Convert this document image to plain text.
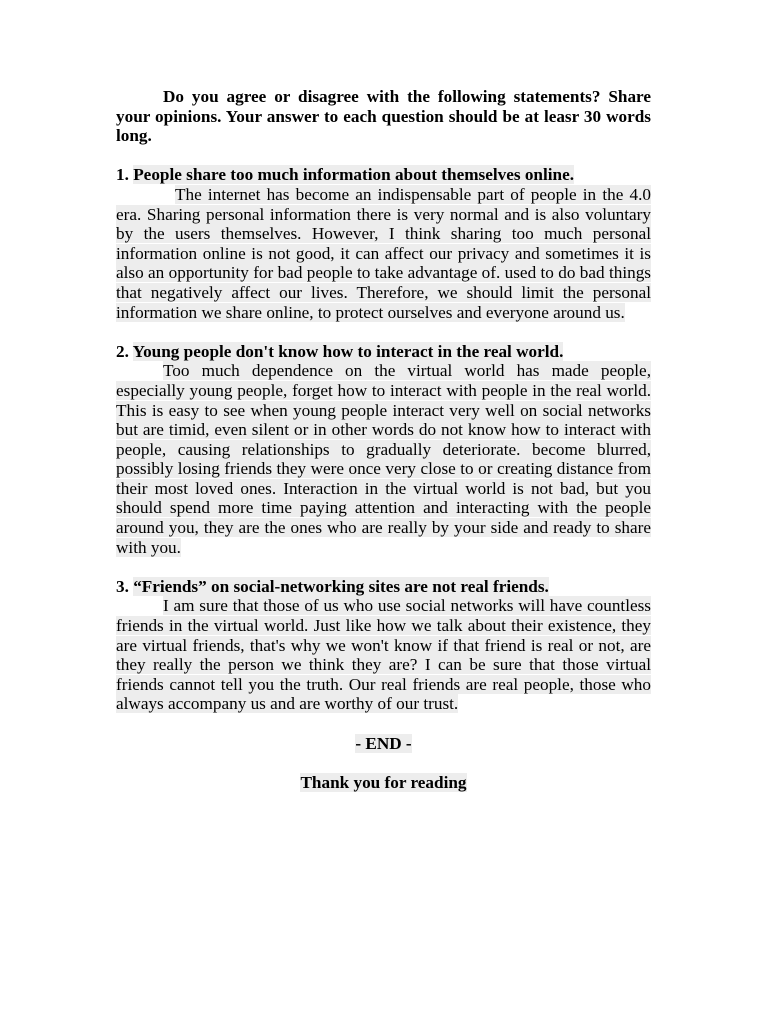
Do you agree or disagree with the following statements? Share your opinions. Your answer to each question should be at leasr 30 words long.

1. People share too much information about themselves online.

The internet has become an indispensable part of people in the 4.0 era. Sharing personal information there is very normal and is also voluntary by the users themselves. However, I think sharing too much personal information online is not good, it can affect our privacy and sometimes it is also an opportunity for bad people to take advantage of. used to do bad things that negatively affect our lives. Therefore, we should limit the personal information we share online, to protect ourselves and everyone around us.

2. Young people don't know how to interact in the real world.

Too much dependence on the virtual world has made people, especially young people, forget how to interact with people in the real world. This is easy to see when young people interact very well on social networks but are timid, even silent or in other words do not know how to interact with people, causing relationships to gradually deteriorate. become blurred, possibly losing friends they were once very close to or creating distance from their most loved ones. Interaction in the virtual world is not bad, but you should spend more time paying attention and interacting with the people around you, they are the ones who are really by your side and ready to share with you.

3. “Friends” on social-networking sites are not real friends.

I am sure that those of us who use social networks will have countless friends in the virtual world. Just like how we talk about their existence, they are virtual friends, that's why we won't know if that friend is real or not, are they really the person we think they are? I can be sure that those virtual friends cannot tell you the truth. Our real friends are real people, those who always accompany us and are worthy of our trust.

- END -

Thank you for reading
